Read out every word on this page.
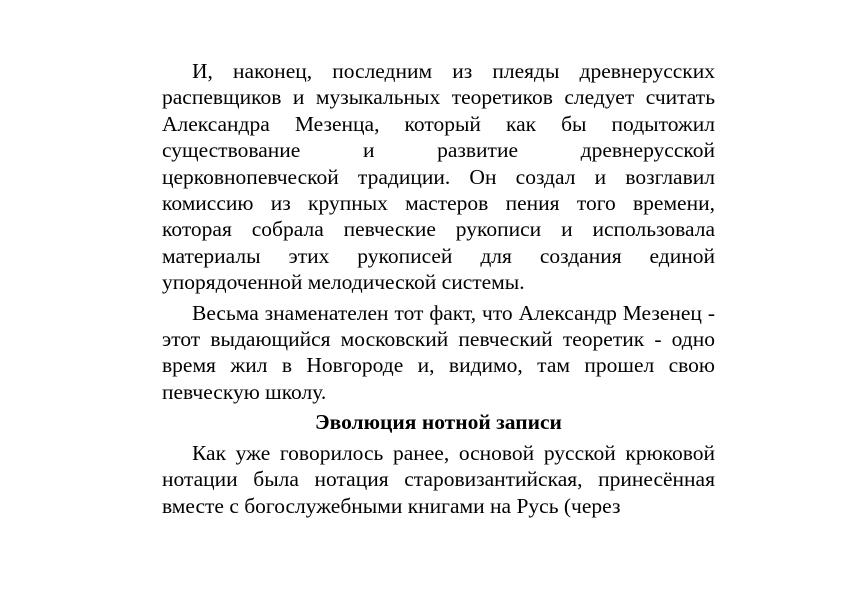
И, наконец, последним из плеяды древнерусских распевщиков и музыкальных теоретиков следует считать Александра Мезенца, который как бы подытожил существование и развитие древнерусской церковнопевческой традиции. Он создал и возглавил комиссию из крупных мастеров пения того времени, которая собрала певческие рукописи и использовала материалы этих рукописей для создания единой упорядоченной мелодической системы.

Весьма знаменателен тот факт, что Александр Мезенец - этот выдающийся московский певческий теоретик - одно время жил в Новгороде и, видимо, там прошел свою певческую школу.

Эволюция нотной записи

Как уже говорилось ранее, основой русской крюковой нотации была нотация старовизантийская, принесённая вместе с богослужебными книгами на Русь (через
